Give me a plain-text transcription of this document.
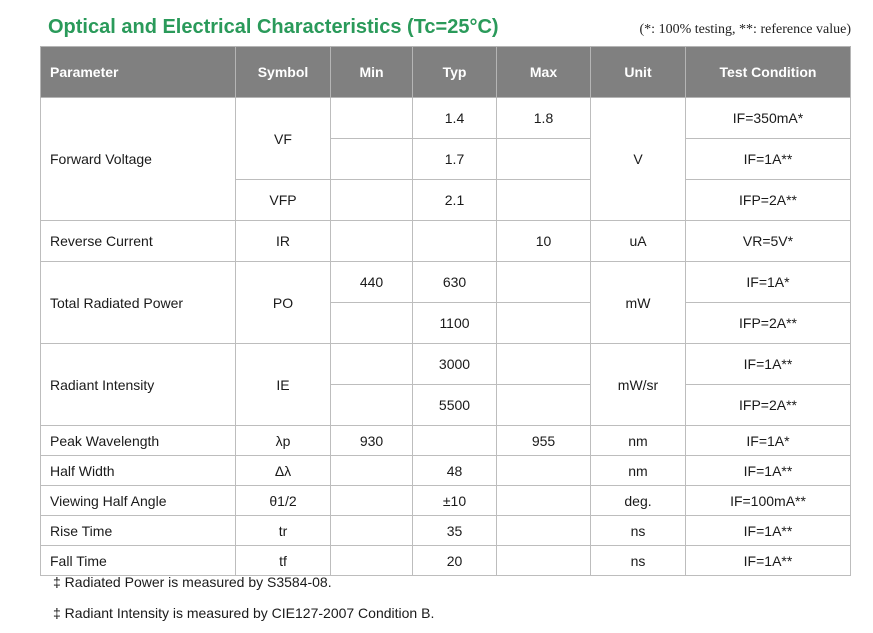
Optical and Electrical Characteristics (Tc=25°C)	(*: 100% testing, **: reference value)
Parameter	Symbol	Min	Typ	Max	Unit	Test Condition
Forward Voltage	VF		1.4	1.8	V	IF=350mA*
			1.7			IF=1A**
	VFP		2.1			IFP=2A**
Reverse Current	IR			10	uA	VR=5V*
Total Radiated Power	PO	440	630		mW	IF=1A*
			1100			IFP=2A**
Radiant Intensity	IE		3000		mW/sr	IF=1A**
			5500			IFP=2A**
Peak Wavelength	λp	930		955	nm	IF=1A*
Half Width	Δλ		48		nm	IF=1A**
Viewing Half Angle	θ1/2		±10		deg.	IF=100mA**
Rise Time	tr		35		ns	IF=1A**
Fall Time	tf		20		ns	IF=1A**
‡ Radiated Power is measured by S3584-08.
‡ Radiant Intensity is measured by CIE127-2007 Condition B.
